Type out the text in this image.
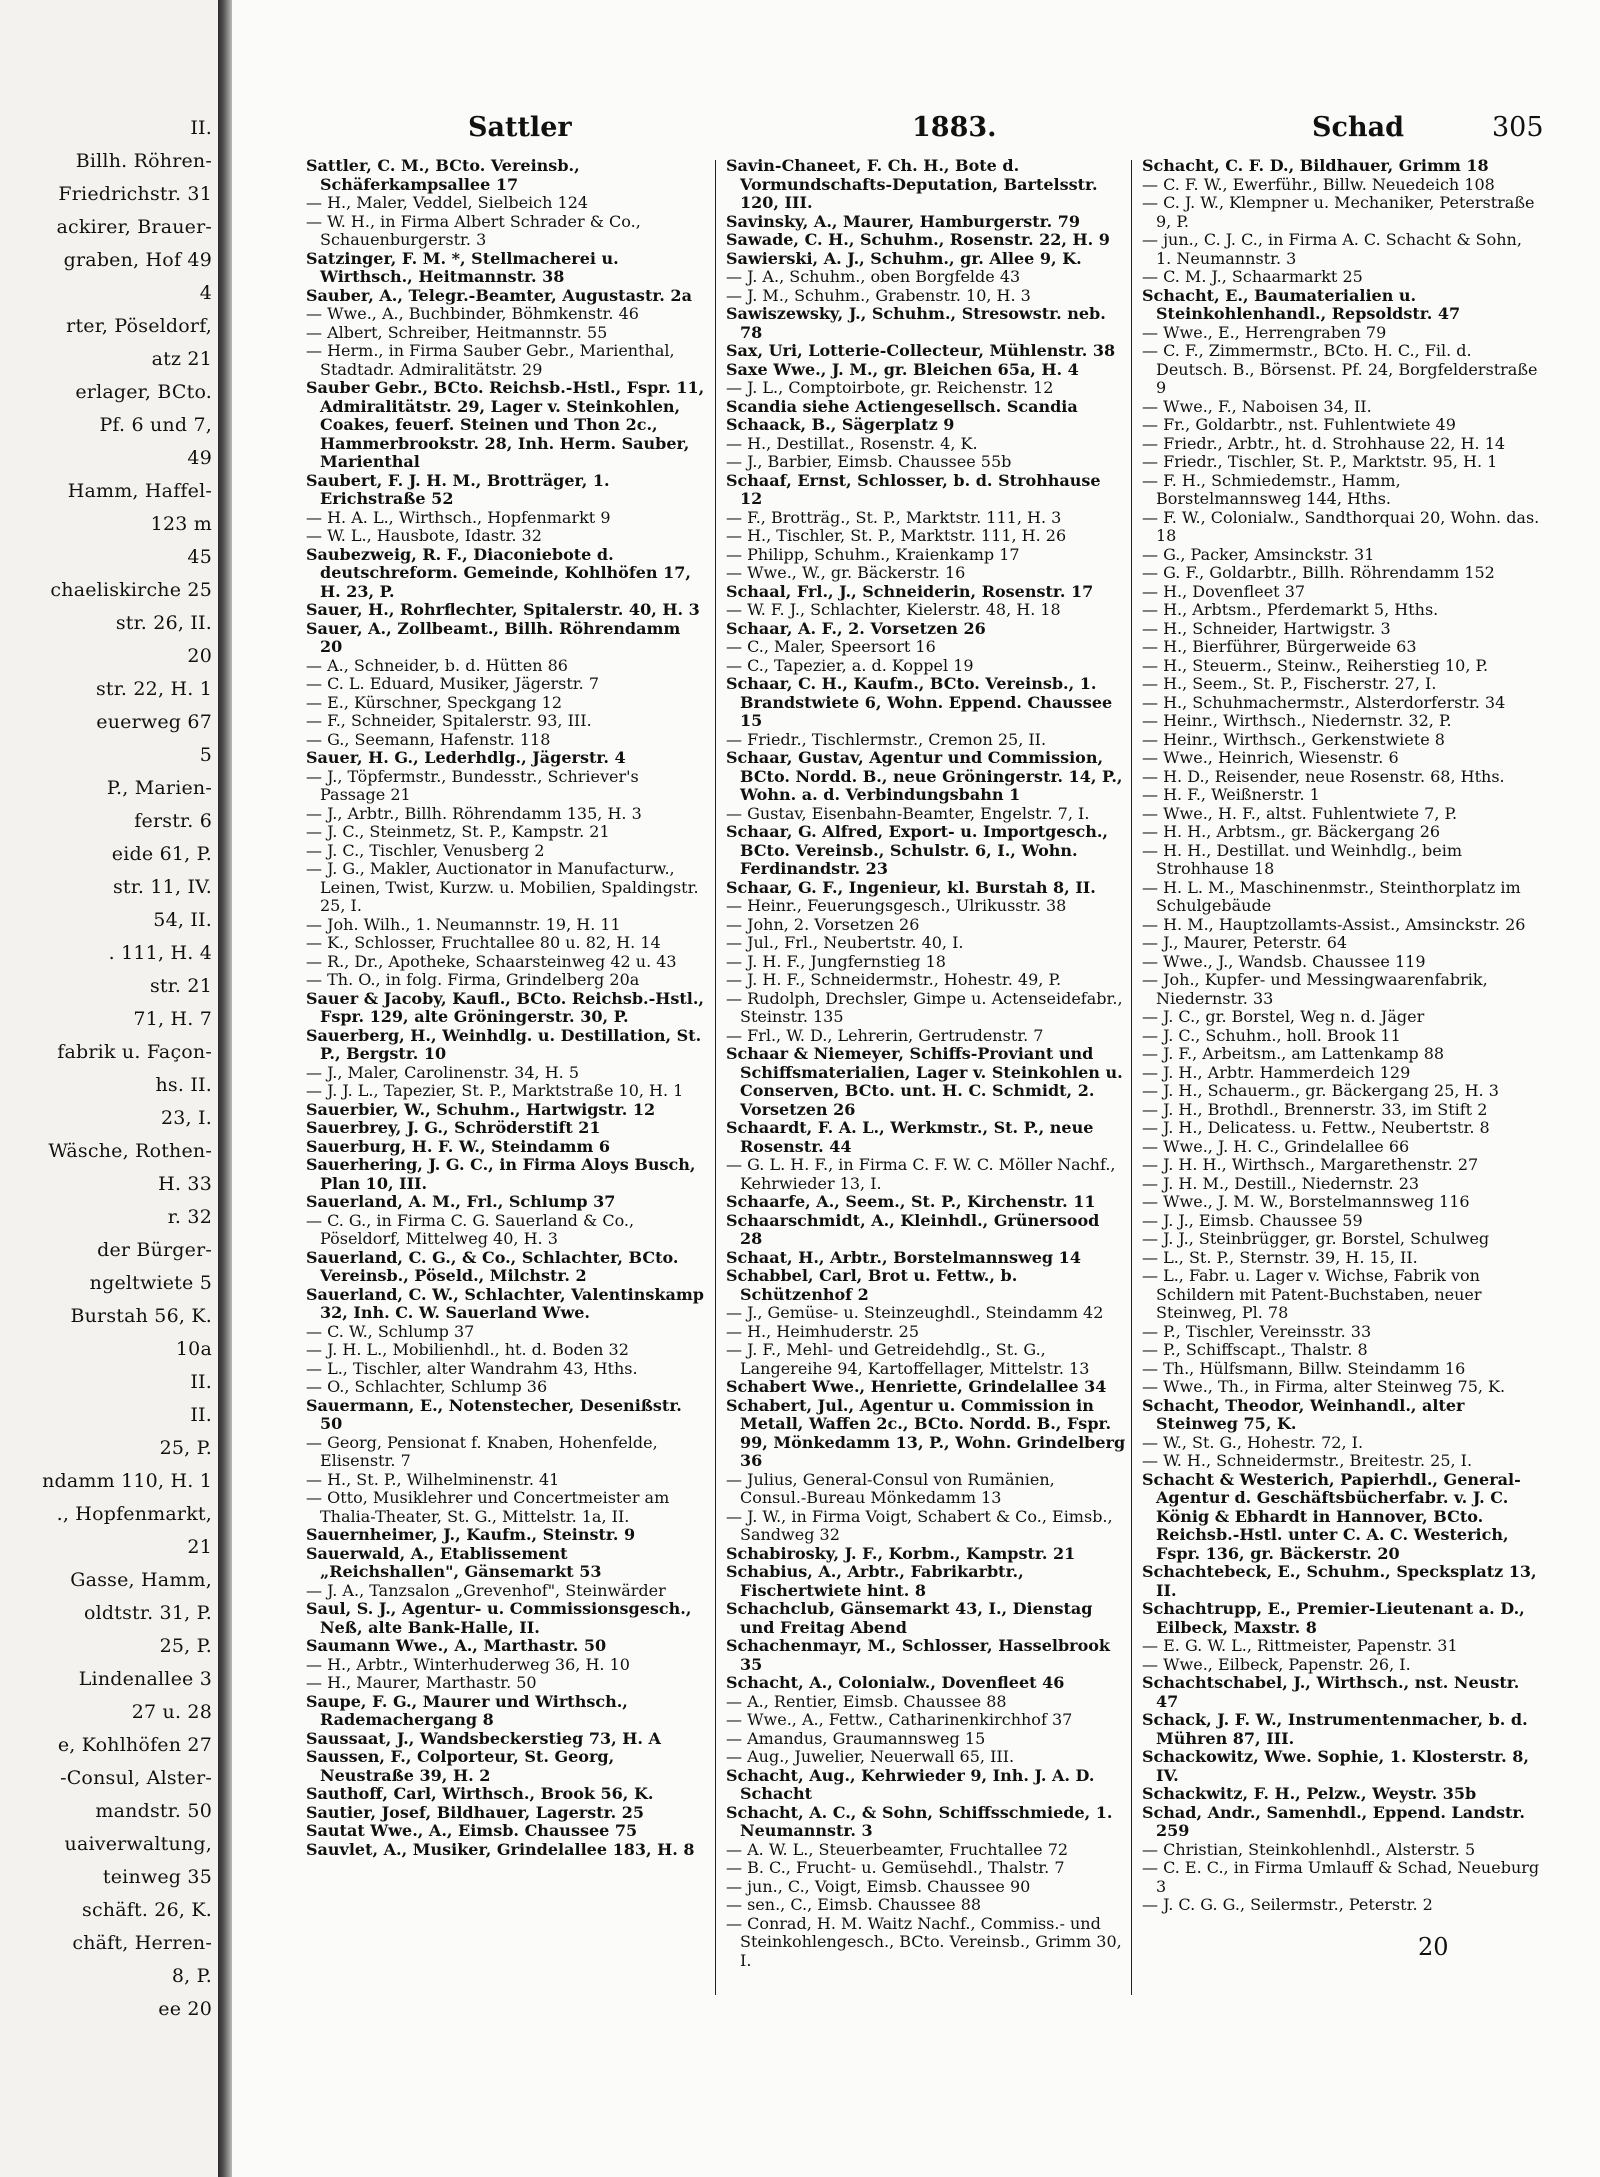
II.
Billh. Röhren-
Friedrichstr. 31
ackirer, Brauer-
graben, Hof 49
4
rter, Pöseldorf,
atz 21
erlager, BCto.
Pf. 6 und 7,
49
Hamm, Haffel-
123 m
45
chaeliskirche 25
str. 26, II.
20
str. 22, H. 1
euerweg 67
5
P., Marien-
ferstr. 6
eide 61, P.
str. 11, IV.
54, II.
. 111, H. 4
str. 21
71, H. 7
fabrik u. Façon-
hs. II.
23, I.
Wäsche, Rothen-
H. 33
r. 32
der Bürger-
ngeltwiete 5
Burstah 56, K.
10a
II.
II.
25, P.
ndamm 110, H. 1
., Hopfenmarkt,
21
Gasse, Hamm,
oldtstr. 31, P.
25, P.
Lindenallee 3
27 u. 28
e, Kohlhöfen 27
-Consul, Alster-
mandstr. 50
uaiverwaltung,
teinweg 35
schäft. 26, K.
chäft, Herren-
8, P.
ee 20
Sattler	1883.	Schad	305

Sattler, C. M., BCto. Vereinsb., Schäferkampsallee 17

— H., Maler, Veddel, Sielbeich 124

— W. H., in Firma Albert Schrader & Co., Schauenburgerstr. 3

Satzinger, F. M. *, Stellmacherei u. Wirthsch., Heitmannstr. 38

Sauber, A., Telegr.-Beamter, Augustastr. 2a

— Wwe., A., Buchbinder, Böhmkenstr. 46

— Albert, Schreiber, Heitmannstr. 55

— Herm., in Firma Sauber Gebr., Marienthal, Stadtadr. Admiralitätstr. 29

Sauber Gebr., BCto. Reichsb.-Hstl., Fspr. 11, Admiralitätstr. 29, Lager v. Steinkohlen, Coakes, feuerf. Steinen und Thon 2c., Hammerbrookstr. 28, Inh. Herm. Sauber, Marienthal

Saubert, F. J. H. M., Brotträger, 1. Erichstraße 52

— H. A. L., Wirthsch., Hopfenmarkt 9

— W. L., Hausbote, Idastr. 32

Saubezweig, R. F., Diaconiebote d. deutschreform. Gemeinde, Kohlhöfen 17, H. 23, P.

Sauer, H., Rohrflechter, Spitalerstr. 40, H. 3

Sauer, A., Zollbeamt., Billh. Röhrendamm 20

— A., Schneider, b. d. Hütten 86

— C. L. Eduard, Musiker, Jägerstr. 7

— E., Kürschner, Speckgang 12

— F., Schneider, Spitalerstr. 93, III.

— G., Seemann, Hafenstr. 118

Sauer, H. G., Lederhdlg., Jägerstr. 4

— J., Töpfermstr., Bundesstr., Schriever's Passage 21

— J., Arbtr., Billh. Röhrendamm 135, H. 3

— J. C., Steinmetz, St. P., Kampstr. 21

— J. C., Tischler, Venusberg 2

— J. G., Makler, Auctionator in Manufacturw., Leinen, Twist, Kurzw. u. Mobilien, Spaldingstr. 25, I.

— Joh. Wilh., 1. Neumannstr. 19, H. 11

— K., Schlosser, Fruchtallee 80 u. 82, H. 14

— R., Dr., Apotheke, Schaarsteinweg 42 u. 43

— Th. O., in folg. Firma, Grindelberg 20a

Sauer & Jacoby, Kaufl., BCto. Reichsb.-Hstl., Fspr. 129, alte Gröningerstr. 30, P.

Sauerberg, H., Weinhdlg. u. Destillation, St. P., Bergstr. 10

— J., Maler, Carolinenstr. 34, H. 5

— J. J. L., Tapezier, St. P., Marktstraße 10, H. 1

Sauerbier, W., Schuhm., Hartwigstr. 12

Sauerbrey, J. G., Schröderstift 21

Sauerburg, H. F. W., Steindamm 6

Sauerhering, J. G. C., in Firma Aloys Busch, Plan 10, III.

Sauerland, A. M., Frl., Schlump 37

— C. G., in Firma C. G. Sauerland & Co., Pöseldorf, Mittelweg 40, H. 3

Sauerland, C. G., & Co., Schlachter, BCto. Vereinsb., Pöseld., Milchstr. 2

Sauerland, C. W., Schlachter, Valentinskamp 32, Inh. C. W. Sauerland Wwe.

— C. W., Schlump 37

— J. H. L., Mobilienhdl., ht. d. Boden 32

— L., Tischler, alter Wandrahm 43, Hths.

— O., Schlachter, Schlump 36

Sauermann, E., Notenstecher, Desenißstr. 50

— Georg, Pensionat f. Knaben, Hohenfelde, Elisenstr. 7

— H., St. P., Wilhelminenstr. 41

— Otto, Musiklehrer und Concertmeister am Thalia-Theater, St. G., Mittelstr. 1a, II.

Sauernheimer, J., Kaufm., Steinstr. 9

Sauerwald, A., Etablissement „Reichshallen", Gänsemarkt 53

— J. A., Tanzsalon „Grevenhof", Steinwärder

Saul, S. J., Agentur- u. Commissionsgesch., Neß, alte Bank-Halle, II.

Saumann Wwe., A., Marthastr. 50

— H., Arbtr., Winterhuderweg 36, H. 10

— H., Maurer, Marthastr. 50

Saupe, F. G., Maurer und Wirthsch., Rademachergang 8

Saussaat, J., Wandsbeckerstieg 73, H. A

Saussen, F., Colporteur, St. Georg, Neustraße 39, H. 2

Sauthoff, Carl, Wirthsch., Brook 56, K.

Sautier, Josef, Bildhauer, Lagerstr. 25

Sautat Wwe., A., Eimsb. Chaussee 75

Sauvlet, A., Musiker, Grindelallee 183, H. 8

Savin-Chaneet, F. Ch. H., Bote d. Vormundschafts-Deputation, Bartelsstr. 120, III.

Savinsky, A., Maurer, Hamburgerstr. 79

Sawade, C. H., Schuhm., Rosenstr. 22, H. 9

Sawierski, A. J., Schuhm., gr. Allee 9, K.

— J. A., Schuhm., oben Borgfelde 43

— J. M., Schuhm., Grabenstr. 10, H. 3

Sawiszewsky, J., Schuhm., Stresowstr. neb. 78

Sax, Uri, Lotterie-Collecteur, Mühlenstr. 38

Saxe Wwe., J. M., gr. Bleichen 65a, H. 4

— J. L., Comptoirbote, gr. Reichenstr. 12

Scandia siehe Actiengesellsch. Scandia

Schaack, B., Sägerplatz 9

— H., Destillat., Rosenstr. 4, K.

— J., Barbier, Eimsb. Chaussee 55b

Schaaf, Ernst, Schlosser, b. d. Strohhause 12

— F., Brotträg., St. P., Marktstr. 111, H. 3

— H., Tischler, St. P., Marktstr. 111, H. 26

— Philipp, Schuhm., Kraienkamp 17

— Wwe., W., gr. Bäckerstr. 16

Schaal, Frl., J., Schneiderin, Rosenstr. 17

— W. F. J., Schlachter, Kielerstr. 48, H. 18

Schaar, A. F., 2. Vorsetzen 26

— C., Maler, Speersort 16

— C., Tapezier, a. d. Koppel 19

Schaar, C. H., Kaufm., BCto. Vereinsb., 1. Brandstwiete 6, Wohn. Eppend. Chaussee 15

— Friedr., Tischlermstr., Cremon 25, II.

Schaar, Gustav, Agentur und Commission, BCto. Nordd. B., neue Gröningerstr. 14, P., Wohn. a. d. Verbindungsbahn 1

— Gustav, Eisenbahn-Beamter, Engelstr. 7, I.

Schaar, G. Alfred, Export- u. Importgesch., BCto. Vereinsb., Schulstr. 6, I., Wohn. Ferdinandstr. 23

Schaar, G. F., Ingenieur, kl. Burstah 8, II.

— Heinr., Feuerungsgesch., Ulrikusstr. 38

— John, 2. Vorsetzen 26

— Jul., Frl., Neubertstr. 40, I.

— J. H. F., Jungfernstieg 18

— J. H. F., Schneidermstr., Hohestr. 49, P.

— Rudolph, Drechsler, Gimpe u. Actenseidefabr., Steinstr. 135

— Frl., W. D., Lehrerin, Gertrudenstr. 7

Schaar & Niemeyer, Schiffs-Proviant und Schiffsmaterialien, Lager v. Steinkohlen u. Conserven, BCto. unt. H. C. Schmidt, 2. Vorsetzen 26

Schaardt, F. A. L., Werkmstr., St. P., neue Rosenstr. 44

— G. L. H. F., in Firma C. F. W. C. Möller Nachf., Kehrwieder 13, I.

Schaarfe, A., Seem., St. P., Kirchenstr. 11

Schaarschmidt, A., Kleinhdl., Grünersood 28

Schaat, H., Arbtr., Borstelmannsweg 14

Schabbel, Carl, Brot u. Fettw., b. Schützenhof 2

— J., Gemüse- u. Steinzeughdl., Steindamm 42

— H., Heimhuderstr. 25

— J. F., Mehl- und Getreidehdlg., St. G., Langereihe 94, Kartoffellager, Mittelstr. 13

Schabert Wwe., Henriette, Grindelallee 34

Schabert, Jul., Agentur u. Commission in Metall, Waffen 2c., BCto. Nordd. B., Fspr. 99, Mönkedamm 13, P., Wohn. Grindelberg 36

— Julius, General-Consul von Rumänien, Consul.-Bureau Mönkedamm 13

— J. W., in Firma Voigt, Schabert & Co., Eimsb., Sandweg 32

Schabirosky, J. F., Korbm., Kampstr. 21

Schabius, A., Arbtr., Fabrikarbtr., Fischertwiete hint. 8

Schachclub, Gänsemarkt 43, I., Dienstag und Freitag Abend

Schachenmayr, M., Schlosser, Hasselbrook 35

Schacht, A., Colonialw., Dovenfleet 46

— A., Rentier, Eimsb. Chaussee 88

— Wwe., A., Fettw., Catharinenkirchhof 37

— Amandus, Graumannsweg 15

— Aug., Juwelier, Neuerwall 65, III.

Schacht, Aug., Kehrwieder 9, Inh. J. A. D. Schacht

Schacht, A. C., & Sohn, Schiffsschmiede, 1. Neumannstr. 3

— A. W. L., Steuerbeamter, Fruchtallee 72

— B. C., Frucht- u. Gemüsehdl., Thalstr. 7

— jun., C., Voigt, Eimsb. Chaussee 90

— sen., C., Eimsb. Chaussee 88

— Conrad, H. M. Waitz Nachf., Commiss.- und Steinkohlengesch., BCto. Vereinsb., Grimm 30, I.

Schacht, C. F. D., Bildhauer, Grimm 18

— C. F. W., Ewerführ., Billw. Neuedeich 108

— C. J. W., Klempner u. Mechaniker, Peterstraße 9, P.

— jun., C. J. C., in Firma A. C. Schacht & Sohn, 1. Neumannstr. 3

— C. M. J., Schaarmarkt 25

Schacht, E., Baumaterialien u. Steinkohlenhandl., Repsoldstr. 47

— Wwe., E., Herrengraben 79

— C. F., Zimmermstr., BCto. H. C., Fil. d. Deutsch. B., Börsenst. Pf. 24, Borgfelderstraße 9

— Wwe., F., Naboisen 34, II.

— Fr., Goldarbtr., nst. Fuhlentwiete 49

— Friedr., Arbtr., ht. d. Strohhause 22, H. 14

— Friedr., Tischler, St. P., Marktstr. 95, H. 1

— F. H., Schmiedemstr., Hamm, Borstelmannsweg 144, Hths.

— F. W., Colonialw., Sandthorquai 20, Wohn. das. 18

— G., Packer, Amsinckstr. 31

— G. F., Goldarbtr., Billh. Röhrendamm 152

— H., Dovenfleet 37

— H., Arbtsm., Pferdemarkt 5, Hths.

— H., Schneider, Hartwigstr. 3

— H., Bierführer, Bürgerweide 63

— H., Steuerm., Steinw., Reiherstieg 10, P.

— H., Seem., St. P., Fischerstr. 27, I.

— H., Schuhmachermstr., Alsterdorferstr. 34

— Heinr., Wirthsch., Niedernstr. 32, P.

— Heinr., Wirthsch., Gerkenstwiete 8

— Wwe., Heinrich, Wiesenstr. 6

— H. D., Reisender, neue Rosenstr. 68, Hths.

— H. F., Weißnerstr. 1

— Wwe., H. F., altst. Fuhlentwiete 7, P.

— H. H., Arbtsm., gr. Bäckergang 26

— H. H., Destillat. und Weinhdlg., beim Strohhause 18

— H. L. M., Maschinenmstr., Steinthorplatz im Schulgebäude

— H. M., Hauptzollamts-Assist., Amsinckstr. 26

— J., Maurer, Peterstr. 64

— Wwe., J., Wandsb. Chaussee 119

— Joh., Kupfer- und Messingwaarenfabrik, Niedernstr. 33

— J. C., gr. Borstel, Weg n. d. Jäger

— J. C., Schuhm., holl. Brook 11

— J. F., Arbeitsm., am Lattenkamp 88

— J. H., Arbtr. Hammerdeich 129

— J. H., Schauerm., gr. Bäckergang 25, H. 3

— J. H., Brothdl., Brennerstr. 33, im Stift 2

— J. H., Delicatess. u. Fettw., Neubertstr. 8

— Wwe., J. H. C., Grindelallee 66

— J. H. H., Wirthsch., Margarethenstr. 27

— J. H. M., Destill., Niedernstr. 23

— Wwe., J. M. W., Borstelmannsweg 116

— J. J., Eimsb. Chaussee 59

— J. J., Steinbrügger, gr. Borstel, Schulweg

— L., St. P., Sternstr. 39, H. 15, II.

— L., Fabr. u. Lager v. Wichse, Fabrik von Schildern mit Patent-Buchstaben, neuer Steinweg, Pl. 78

— P., Tischler, Vereinsstr. 33

— P., Schiffscapt., Thalstr. 8

— Th., Hülfsmann, Billw. Steindamm 16

— Wwe., Th., in Firma, alter Steinweg 75, K.

Schacht, Theodor, Weinhandl., alter Steinweg 75, K.

— W., St. G., Hohestr. 72, I.

— W. H., Schneidermstr., Breitestr. 25, I.

Schacht & Westerich, Papierhdl., General-Agentur d. Geschäftsbücherfabr. v. J. C. König & Ebhardt in Hannover, BCto. Reichsb.-Hstl. unter C. A. C. Westerich, Fspr. 136, gr. Bäckerstr. 20

Schachtebeck, E., Schuhm., Specksplatz 13, II.

Schachtrupp, E., Premier-Lieutenant a. D., Eilbeck, Maxstr. 8

— E. G. W. L., Rittmeister, Papenstr. 31

— Wwe., Eilbeck, Papenstr. 26, I.

Schachtschabel, J., Wirthsch., nst. Neustr. 47

Schack, J. F. W., Instrumentenmacher, b. d. Mühren 87, III.

Schackowitz, Wwe. Sophie, 1. Klosterstr. 8, IV.

Schackwitz, F. H., Pelzw., Weystr. 35b

Schad, Andr., Samenhdl., Eppend. Landstr. 259

— Christian, Steinkohlenhdl., Alsterstr. 5

— C. E. C., in Firma Umlauff & Schad, Neueburg 3

— J. C. G. G., Seilermstr., Peterstr. 2

20
